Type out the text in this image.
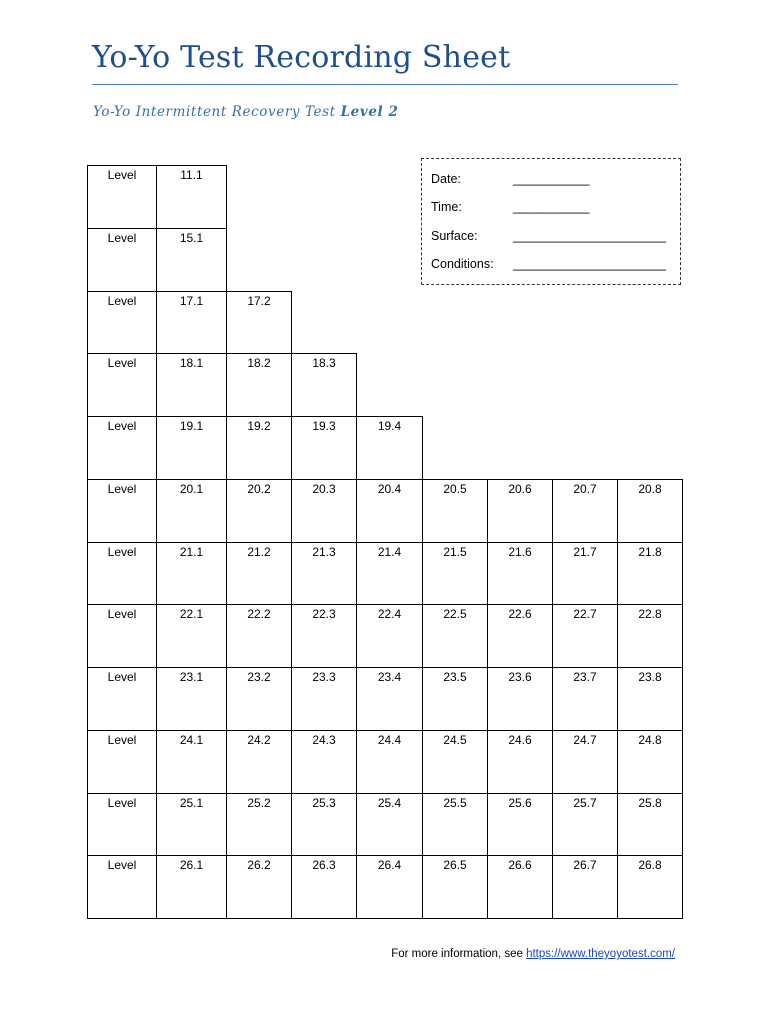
Yo-Yo Test Recording Sheet
Yo-Yo Intermittent Recovery Test Level 2
Level	11.1
Level	15.1
Level	17.1	17.2
Level	18.1	18.2	18.3
Level	19.1	19.2	19.3	19.4
Level	20.1	20.2	20.3	20.4	20.5	20.6	20.7	20.8
Level	21.1	21.2	21.3	21.4	21.5	21.6	21.7	21.8
Level	22.1	22.2	22.3	22.4	22.5	22.6	22.7	22.8
Level	23.1	23.2	23.3	23.4	23.5	23.6	23.7	23.8
Level	24.1	24.2	24.3	24.4	24.5	24.6	24.7	24.8
Level	25.1	25.2	25.3	25.4	25.5	25.6	25.7	25.8
Level	26.1	26.2	26.3	26.4	26.5	26.6	26.7	26.8
Date:	___________
Time:	___________
Surface:	______________________
Conditions: ______________________
For more information, see https://www.theyoyotest.com/
